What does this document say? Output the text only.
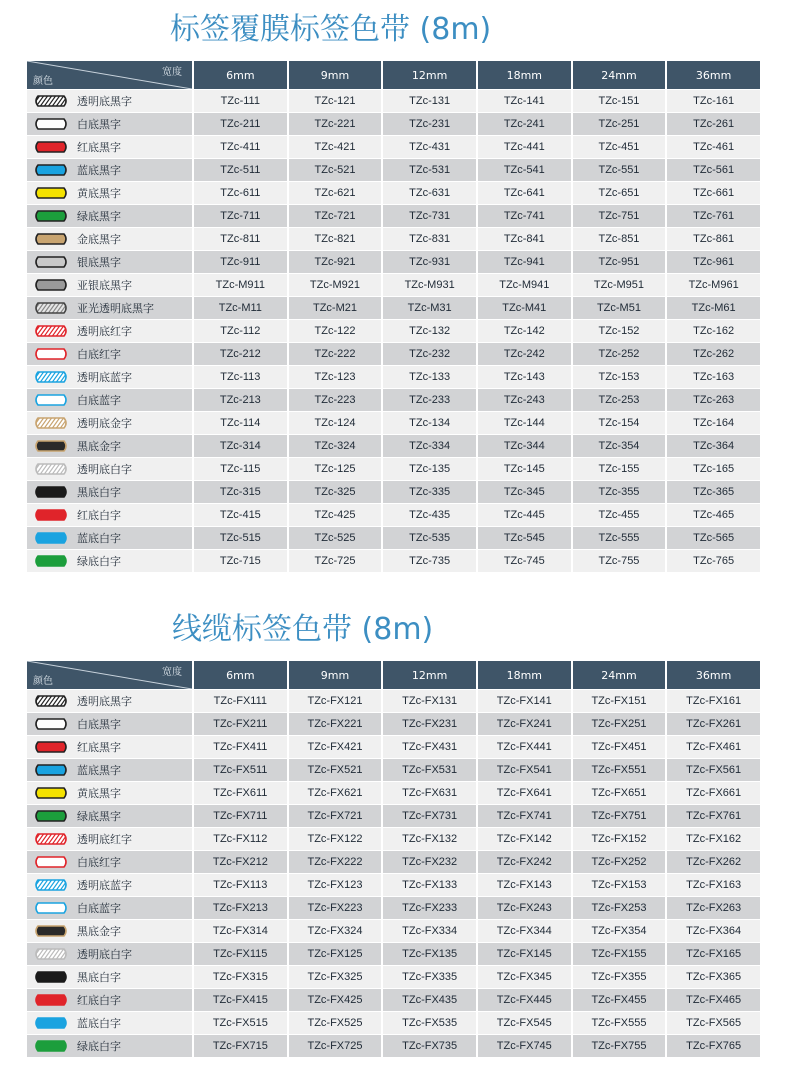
标签覆膜标签色带 (8m)
宽度
颜色	6mm	9mm	12mm	18mm	24mm	36mm
透明底黑字	TZc-111	TZc-121	TZc-131	TZc-141	TZc-151	TZc-161
白底黑字	TZc-211	TZc-221	TZc-231	TZc-241	TZc-251	TZc-261
红底黑字	TZc-411	TZc-421	TZc-431	TZc-441	TZc-451	TZc-461
蓝底黑字	TZc-511	TZc-521	TZc-531	TZc-541	TZc-551	TZc-561
黄底黑字	TZc-611	TZc-621	TZc-631	TZc-641	TZc-651	TZc-661
绿底黑字	TZc-711	TZc-721	TZc-731	TZc-741	TZc-751	TZc-761
金底黑字	TZc-811	TZc-821	TZc-831	TZc-841	TZc-851	TZc-861
银底黑字	TZc-911	TZc-921	TZc-931	TZc-941	TZc-951	TZc-961
亚银底黑字	TZc-M911	TZc-M921	TZc-M931	TZc-M941	TZc-M951	TZc-M961
亚光透明底黑字	TZc-M11	TZc-M21	TZc-M31	TZc-M41	TZc-M51	TZc-M61
透明底红字	TZc-112	TZc-122	TZc-132	TZc-142	TZc-152	TZc-162
白底红字	TZc-212	TZc-222	TZc-232	TZc-242	TZc-252	TZc-262
透明底蓝字	TZc-113	TZc-123	TZc-133	TZc-143	TZc-153	TZc-163
白底蓝字	TZc-213	TZc-223	TZc-233	TZc-243	TZc-253	TZc-263
透明底金字	TZc-114	TZc-124	TZc-134	TZc-144	TZc-154	TZc-164
黑底金字	TZc-314	TZc-324	TZc-334	TZc-344	TZc-354	TZc-364
透明底白字	TZc-115	TZc-125	TZc-135	TZc-145	TZc-155	TZc-165
黑底白字	TZc-315	TZc-325	TZc-335	TZc-345	TZc-355	TZc-365
红底白字	TZc-415	TZc-425	TZc-435	TZc-445	TZc-455	TZc-465
蓝底白字	TZc-515	TZc-525	TZc-535	TZc-545	TZc-555	TZc-565
绿底白字	TZc-715	TZc-725	TZc-735	TZc-745	TZc-755	TZc-765
线缆标签色带 (8m)
宽度
颜色	6mm	9mm	12mm	18mm	24mm	36mm
透明底黑字	TZc-FX111	TZc-FX121	TZc-FX131	TZc-FX141	TZc-FX151	TZc-FX161
白底黑字	TZc-FX211	TZc-FX221	TZc-FX231	TZc-FX241	TZc-FX251	TZc-FX261
红底黑字	TZc-FX411	TZc-FX421	TZc-FX431	TZc-FX441	TZc-FX451	TZc-FX461
蓝底黑字	TZc-FX511	TZc-FX521	TZc-FX531	TZc-FX541	TZc-FX551	TZc-FX561
黄底黑字	TZc-FX611	TZc-FX621	TZc-FX631	TZc-FX641	TZc-FX651	TZc-FX661
绿底黑字	TZc-FX711	TZc-FX721	TZc-FX731	TZc-FX741	TZc-FX751	TZc-FX761
透明底红字	TZc-FX112	TZc-FX122	TZc-FX132	TZc-FX142	TZc-FX152	TZc-FX162
白底红字	TZc-FX212	TZc-FX222	TZc-FX232	TZc-FX242	TZc-FX252	TZc-FX262
透明底蓝字	TZc-FX113	TZc-FX123	TZc-FX133	TZc-FX143	TZc-FX153	TZc-FX163
白底蓝字	TZc-FX213	TZc-FX223	TZc-FX233	TZc-FX243	TZc-FX253	TZc-FX263
黑底金字	TZc-FX314	TZc-FX324	TZc-FX334	TZc-FX344	TZc-FX354	TZc-FX364
透明底白字	TZc-FX115	TZc-FX125	TZc-FX135	TZc-FX145	TZc-FX155	TZc-FX165
黑底白字	TZc-FX315	TZc-FX325	TZc-FX335	TZc-FX345	TZc-FX355	TZc-FX365
红底白字	TZc-FX415	TZc-FX425	TZc-FX435	TZc-FX445	TZc-FX455	TZc-FX465
蓝底白字	TZc-FX515	TZc-FX525	TZc-FX535	TZc-FX545	TZc-FX555	TZc-FX565
绿底白字	TZc-FX715	TZc-FX725	TZc-FX735	TZc-FX745	TZc-FX755	TZc-FX765
